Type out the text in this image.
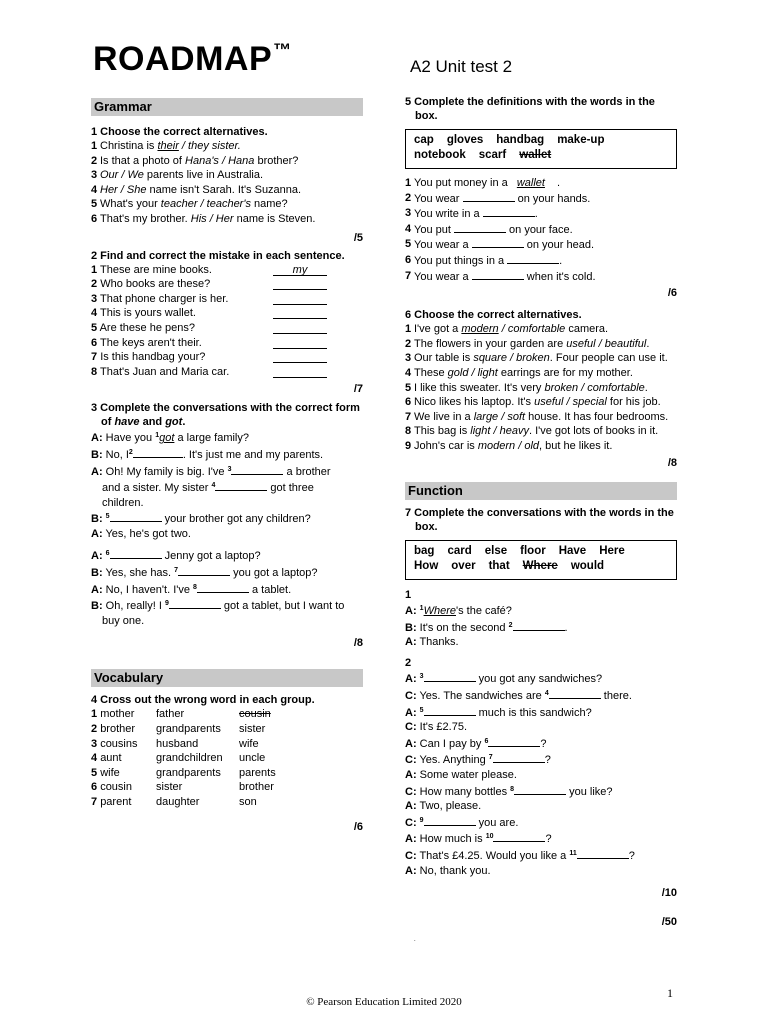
ROADMAP™
A2 Unit test 2
Grammar
1 Choose the correct alternatives.
1 Christina is their / they sister.
2 Is that a photo of Hana's / Hana brother?
3 Our / We parents live in Australia.
4 Her / She name isn't Sarah. It's Suzanna.
5 What's your teacher / teacher's name?
6 That's my brother. His / Her name is Steven.
/5
2 Find and correct the mistake in each sentence.
1 These are mine books.	my
2 Who books are these?
3 That phone charger is her.
4 This is yours wallet.
5 Are these he pens?
6 The keys aren't their.
7 Is this handbag your?
8 That's Juan and Maria car.
/7
3 Complete the conversations with the correct form of have and got.
A: Have you $^1$got a large family?
B: No, $I^2$	. It's just me and my parents.
A: Oh! My family is big. I've $^3$	a brother
and a sister. My sister $^4$	got three
children.
B: $^5$	your brother got any children?
A: Yes, he's got two.
A: $^6$	Jenny got a laptop?
B: Yes, she has. $^7$	you got a laptop?
A: No, I haven't. I've $^8$	a tablet.
B: Oh, really! I $^9$	got a tablet, but I want to
buy one.
/8
Vocabulary
4 Cross out the wrong word in each group.
1 mother	father	cousin
2 brother	grandparents	sister
3 cousins	husband	wife
4 aunt	grandchildren	uncle
5 wife	grandparents	parents
6 cousin	sister	brother
7 parent	daughter	son
/6
5 Complete the definitions with the words in the box.
cap gloves handbag make-up
notebook scarf wallet
1 You put money in a wallet .
2 You wear	on your hands.
3 You write in a	.
4 You put	on your face.
5 You wear a	on your head.
6 You put things in a	.
7 You wear a	when it's cold.
/6
6 Choose the correct alternatives.
1 I've got a modern / comfortable camera.
2 The flowers in your garden are useful / beautiful.
3 Our table is square / broken. Four people can use it.
4 These gold / light earrings are for my mother.
5 I like this sweater. It's very broken / comfortable.
6 Nico likes his laptop. It's useful / special for his job.
7 We live in a large / soft house. It has four bedrooms.
8 This bag is light / heavy. I've got lots of books in it.
9 John's car is modern / old, but he likes it.
/8
Function
7 Complete the conversations with the words in the box.
bag card else floor Have Here
How over that Where would
1
A: $^1$Where's the café?
B: It's on the second $^2$	.
A: Thanks.
2
A: $^3$	you got any sandwiches?
C: Yes. The sandwiches are $^4$	there.
A: $^5$	much is this sandwich?
C: It's £2.75.
A: Can I pay by $^6$	?
C: Yes. Anything $^7$	?
A: Some water please.
C: How many bottles $^8$	you like?
A: Two, please.
C: $^9$	you are.
A: How much is $^{10}$	?
C: That's £4.25. Would you like a $^{11}$	?
A: No, thank you.
/10
/50
.
1
© Pearson Education Limited 2020
